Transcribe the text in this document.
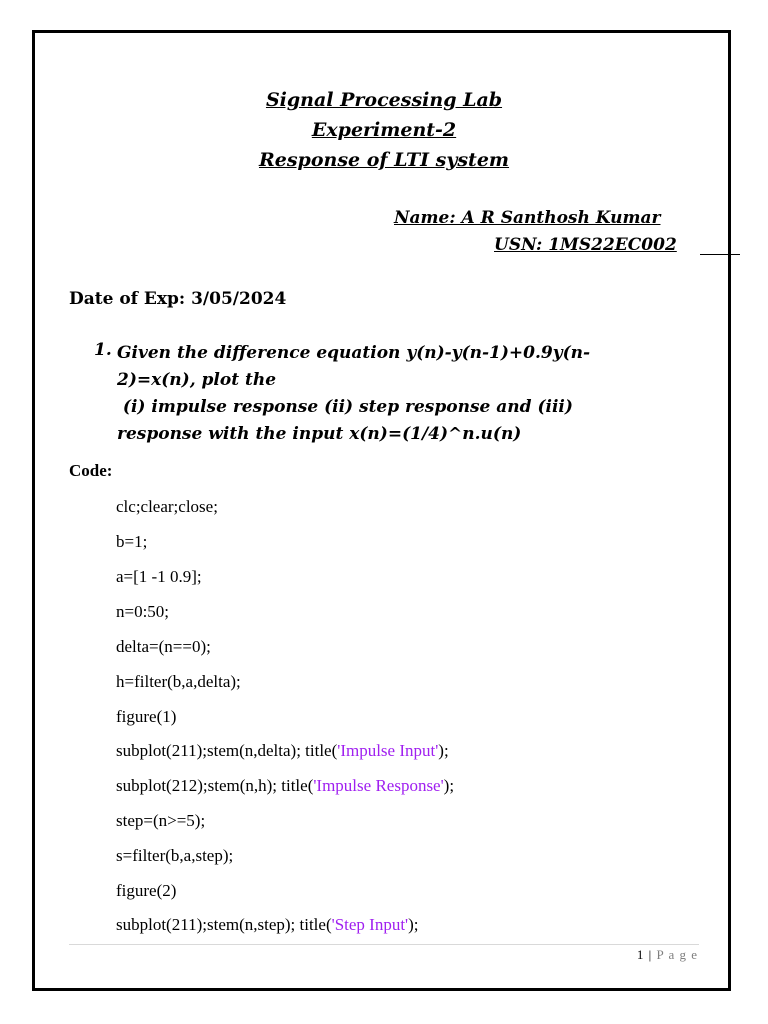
Signal Processing Lab
Experiment-2
Response of LTI system
Name: A R Santhosh Kumar
USN: 1MS22EC002
Date of Exp: 3/05/2024
1. Given the difference equation y(n)-y(n-1)+0.9y(n-
2)=x(n), plot the
(i) impulse response (ii) step response and (iii)
response with the input x(n)=(1/4)^n.u(n)
Code:
clc;clear;close;
b=1;
a=[1 -1 0.9];
n=0:50;
delta=(n==0);
h=filter(b,a,delta);
figure(1)
subplot(211);stem(n,delta); title('Impulse Input');
subplot(212);stem(n,h); title('Impulse Response');
step=(n>=5);
s=filter(b,a,step);
figure(2)
subplot(211);stem(n,step); title('Step Input');
1 | P a g e
